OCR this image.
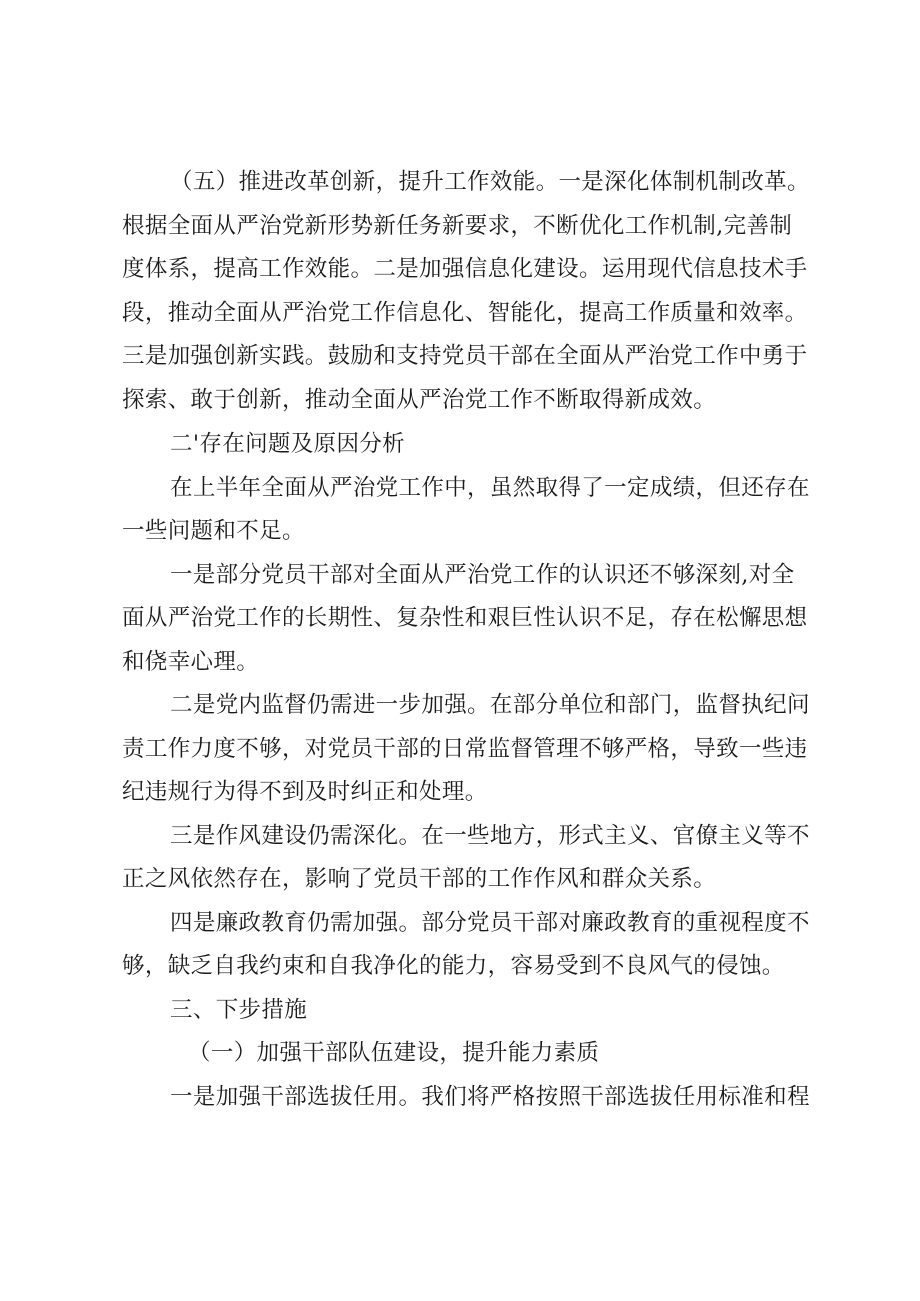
（五）推进改革创新，提升工作效能。一是深化体制机制改革。
根据全面从严治党新形势新任务新要求，不断优化工作机制,完善制
度体系，提高工作效能。二是加强信息化建设。运用现代信息技术手
段，推动全面从严治党工作信息化、智能化，提高工作质量和效率。
三是加强创新实践。鼓励和支持党员干部在全面从严治党工作中勇于
探索、敢于创新，推动全面从严治党工作不断取得新成效。
二'存在问题及原因分析
在上半年全面从严治党工作中，虽然取得了一定成绩，但还存在
一些问题和不足。
一是部分党员干部对全面从严治党工作的认识还不够深刻,对全
面从严治党工作的长期性、复杂性和艰巨性认识不足，存在松懈思想
和侥幸心理。
二是党内监督仍需进一步加强。在部分单位和部门，监督执纪问
责工作力度不够，对党员干部的日常监督管理不够严格，导致一些违
纪违规行为得不到及时纠正和处理。
三是作风建设仍需深化。在一些地方，形式主义、官僚主义等不
正之风依然存在，影响了党员干部的工作作风和群众关系。
四是廉政教育仍需加强。部分党员干部对廉政教育的重视程度不
够，缺乏自我约束和自我净化的能力，容易受到不良风气的侵蚀。
三、下步措施
（一）加强干部队伍建设，提升能力素质
一是加强干部选拔任用。我们将严格按照干部选拔任用标准和程
